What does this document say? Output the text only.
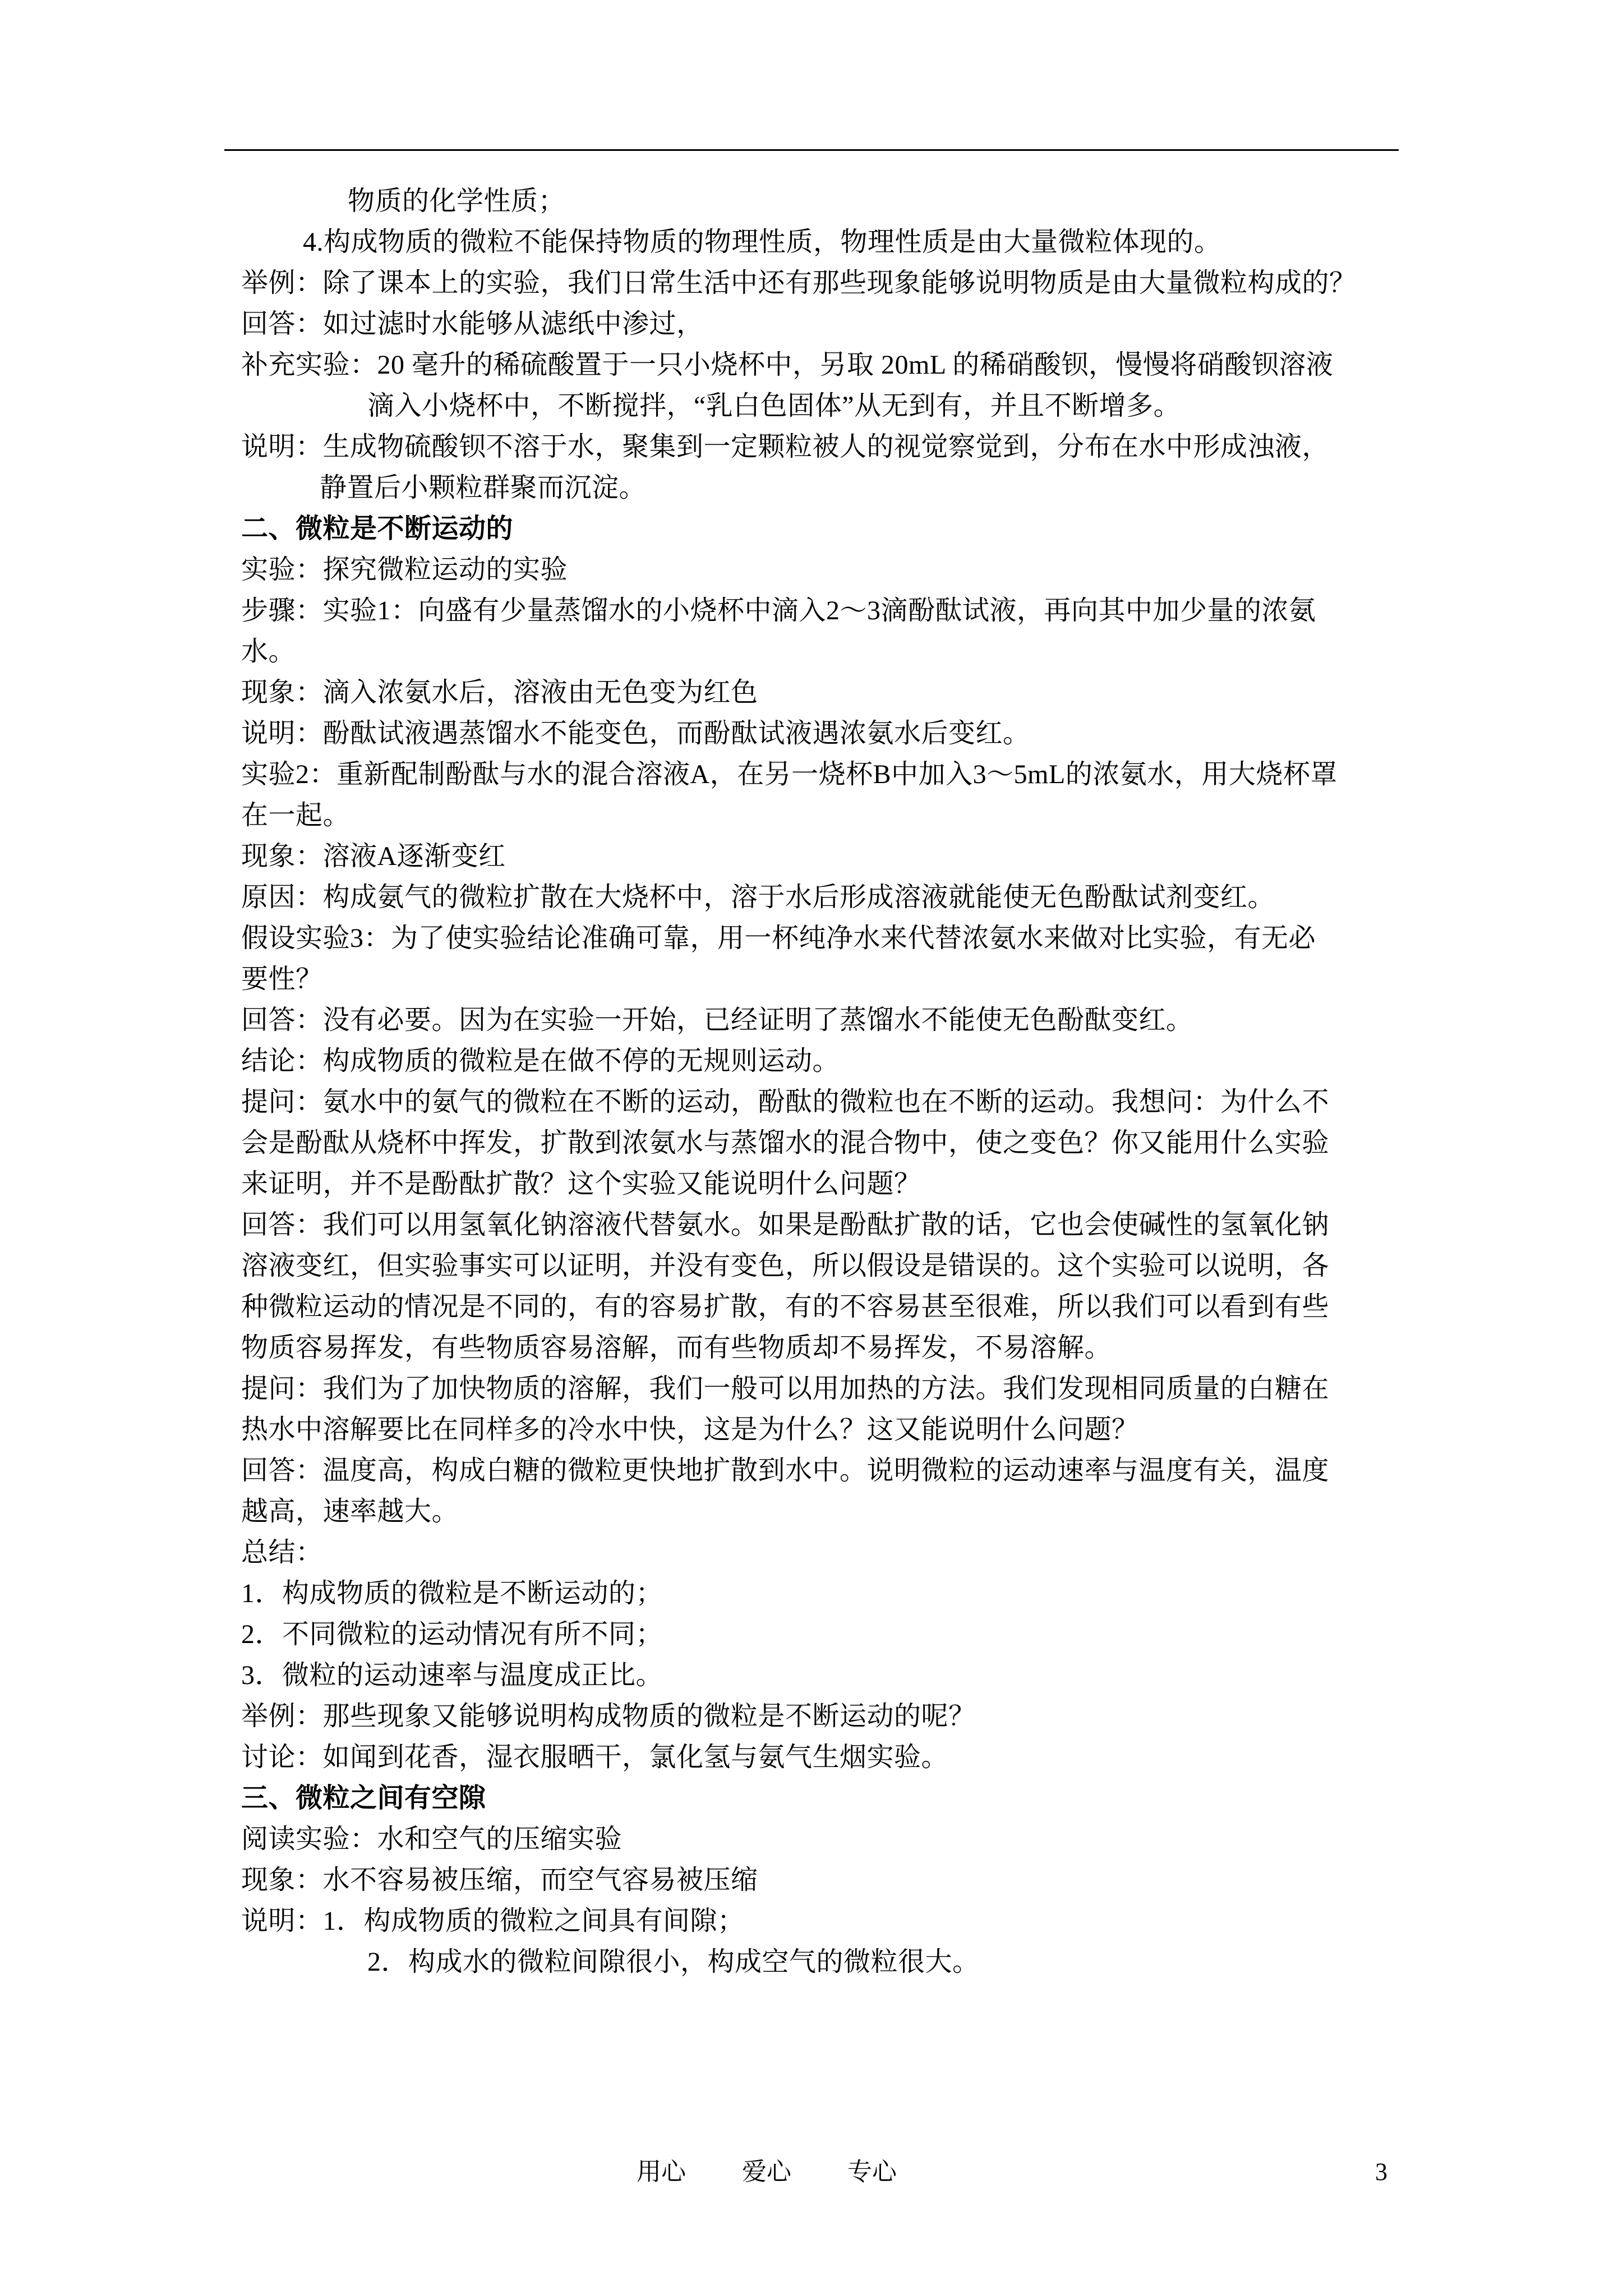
物质的化学性质；
4.构成物质的微粒不能保持物质的物理性质，物理性质是由大量微粒体现的。
举例：除了课本上的实验，我们日常生活中还有那些现象能够说明物质是由大量微粒构成的？
回答：如过滤时水能够从滤纸中渗过，
补充实验：20 毫升的稀硫酸置于一只小烧杯中，另取 20mL 的稀硝酸钡，慢慢将硝酸钡溶液
滴入小烧杯中，不断搅拌，“乳白色固体”从无到有，并且不断增多。
说明：生成物硫酸钡不溶于水，聚集到一定颗粒被人的视觉察觉到，分布在水中形成浊液，
静置后小颗粒群聚而沉淀。
二、微粒是不断运动的
实验：探究微粒运动的实验
步骤：实验1：向盛有少量蒸馏水的小烧杯中滴入2～3滴酚酞试液，再向其中加少量的浓氨
水。
现象：滴入浓氨水后，溶液由无色变为红色
说明：酚酞试液遇蒸馏水不能变色，而酚酞试液遇浓氨水后变红。
实验2：重新配制酚酞与水的混合溶液A，在另一烧杯B中加入3～5mL的浓氨水，用大烧杯罩
在一起。
现象：溶液A逐渐变红
原因：构成氨气的微粒扩散在大烧杯中，溶于水后形成溶液就能使无色酚酞试剂变红。
假设实验3：为了使实验结论准确可靠，用一杯纯净水来代替浓氨水来做对比实验，有无必
要性？
回答：没有必要。因为在实验一开始，已经证明了蒸馏水不能使无色酚酞变红。
结论：构成物质的微粒是在做不停的无规则运动。
提问：氨水中的氨气的微粒在不断的运动，酚酞的微粒也在不断的运动。我想问：为什么不
会是酚酞从烧杯中挥发，扩散到浓氨水与蒸馏水的混合物中，使之变色？你又能用什么实验
来证明，并不是酚酞扩散？这个实验又能说明什么问题？
回答：我们可以用氢氧化钠溶液代替氨水。如果是酚酞扩散的话，它也会使碱性的氢氧化钠
溶液变红，但实验事实可以证明，并没有变色，所以假设是错误的。这个实验可以说明，各
种微粒运动的情况是不同的，有的容易扩散，有的不容易甚至很难，所以我们可以看到有些
物质容易挥发，有些物质容易溶解，而有些物质却不易挥发，不易溶解。
提问：我们为了加快物质的溶解，我们一般可以用加热的方法。我们发现相同质量的白糖在
热水中溶解要比在同样多的冷水中快，这是为什么？这又能说明什么问题？
回答：温度高，构成白糖的微粒更快地扩散到水中。说明微粒的运动速率与温度有关，温度
越高，速率越大。
总结：
1．构成物质的微粒是不断运动的；
2．不同微粒的运动情况有所不同；
3．微粒的运动速率与温度成正比。
举例：那些现象又能够说明构成物质的微粒是不断运动的呢？
讨论：如闻到花香，湿衣服晒干，氯化氢与氨气生烟实验。
三、微粒之间有空隙
阅读实验：水和空气的压缩实验
现象：水不容易被压缩，而空气容易被压缩
说明：1．构成物质的微粒之间具有间隙；
2．构成水的微粒间隙很小，构成空气的微粒很大。
用心 爱心 专心	3
